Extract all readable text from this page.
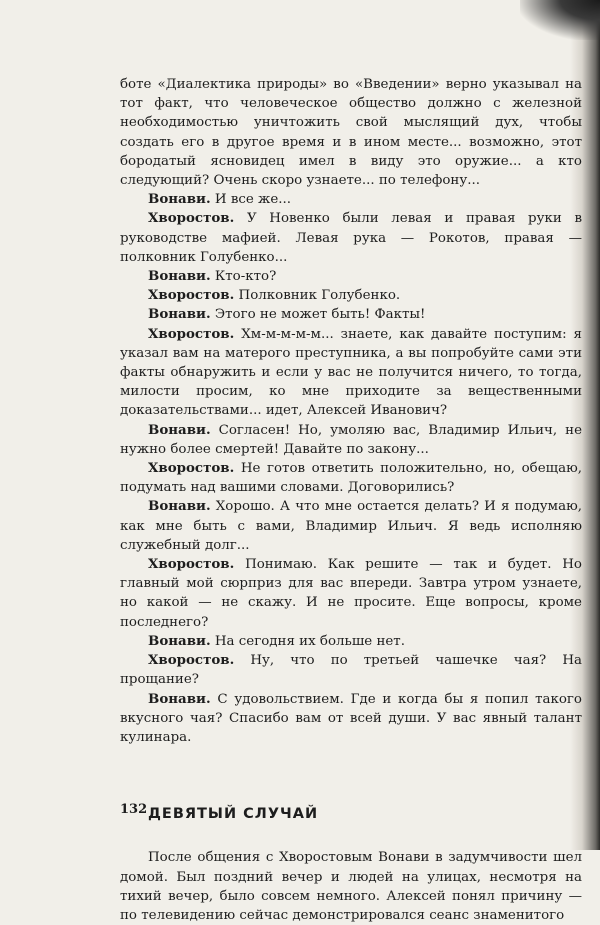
боте «Диалектика природы» во «Введении» верно указывал на тот факт, что человеческое общество должно с железной необходимостью уничтожить свой мыслящий дух, чтобы создать его в другое время и в ином месте... возможно, этот бородатый ясновидец имел в виду это оружие... а кто следующий? Очень скоро узнаете... по телефону...

Вонави. И все же...

Хворостов. У Новенко были левая и правая руки в руководстве мафией. Левая рука — Рокотов, правая — полковник Голубенко...

Вонави. Кто-кто?

Хворостов. Полковник Голубенко.

Вонави. Этого не может быть! Факты!

Хворостов. Хм-м-м-м-м... знаете, как давайте поступим: я указал вам на матерого преступника, а вы попробуйте сами эти факты обнаружить и если у вас не получится ничего, то тогда, милости просим, ко мне приходите за вещественными доказательствами... идет, Алексей Иванович?

Вонави. Согласен! Но, умоляю вас, Владимир Ильич, не нужно более смертей! Давайте по закону...

Хворостов. Не готов ответить положительно, но, обещаю, подумать над вашими словами. Договорились?

Вонави. Хорошо. А что мне остается делать? И я подумаю, как мне быть с вами, Владимир Ильич. Я ведь исполняю служебный долг...

Хворостов. Понимаю. Как решите — так и будет. Но главный мой сюрприз для вас впереди. Завтра утром узнаете, но какой — не скажу. И не просите. Еще вопросы, кроме последнего?

Вонави. На сегодня их больше нет.

Хворостов. Ну, что по третьей чашечке чая? На прощание?

Вонави. С удовольствием. Где и когда бы я попил такого вкусного чая? Спасибо вам от всей души. У вас явный талант кулинара.

ДЕВЯТЫЙ СЛУЧАЙ

После общения с Хворостовым Вонави в задумчивости шел домой. Был поздний вечер и людей на улицах, несмотря на тихий вечер, было совсем немного. Алексей понял причину — по телевидению сейчас демонстрировался сеанс знаменитого

132
